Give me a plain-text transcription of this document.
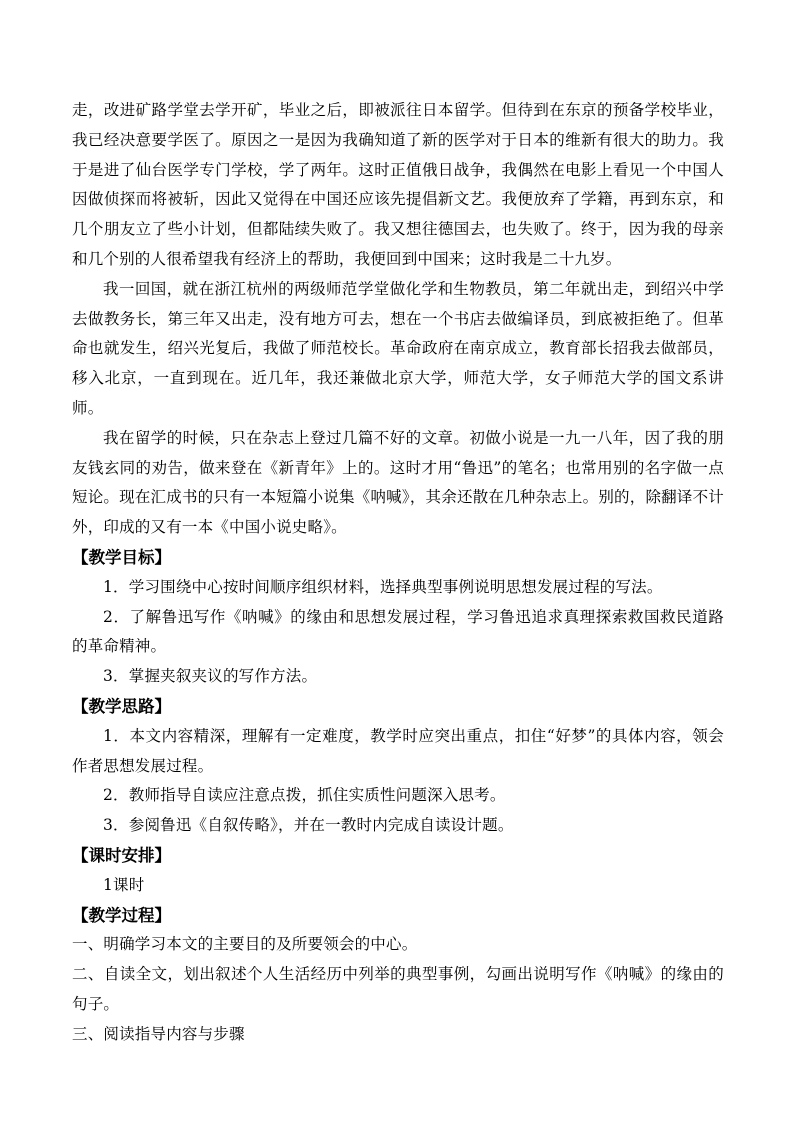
走，改进矿路学堂去学开矿，毕业之后，即被派往日本留学。但待到在东京的预备学校毕业，我已经决意要学医了。原因之一是因为我确知道了新的医学对于日本的维新有很大的助力。我于是进了仙台医学专门学校，学了两年。这时正值俄日战争，我偶然在电影上看见一个中国人因做侦探而将被斩，因此又觉得在中国还应该先提倡新文艺。我便放弃了学籍，再到东京，和几个朋友立了些小计划，但都陆续失败了。我又想往德国去，也失败了。终于，因为我的母亲和几个别的人很希望我有经济上的帮助，我便回到中国来；这时我是二十九岁。

我一回国，就在浙江杭州的两级师范学堂做化学和生物教员，第二年就出走，到绍兴中学去做教务长，第三年又出走，没有地方可去，想在一个书店去做编译员，到底被拒绝了。但革命也就发生，绍兴光复后，我做了师范校长。革命政府在南京成立，教育部长招我去做部员，移入北京，一直到现在。近几年，我还兼做北京大学，师范大学，女子师范大学的国文系讲师。

我在留学的时候，只在杂志上登过几篇不好的文章。初做小说是一九一八年，因了我的朋友钱玄同的劝告，做来登在《新青年》上的。这时才用“鲁迅”的笔名；也常用别的名字做一点短论。现在汇成书的只有一本短篇小说集《呐喊》，其余还散在几种杂志上。别的，除翻译不计外，印成的又有一本《中国小说史略》。

【教学目标】

1．学习围绕中心按时间顺序组织材料，选择典型事例说明思想发展过程的写法。

2．了解鲁迅写作《呐喊》的缘由和思想发展过程，学习鲁迅追求真理探索救国救民道路的革命精神。

3．掌握夹叙夹议的写作方法。

【教学思路】

1．本文内容精深，理解有一定难度，教学时应突出重点，扣住“好梦”的具体内容，领会作者思想发展过程。

2．教师指导自读应注意点拨，抓住实质性问题深入思考。

3．参阅鲁迅《自叙传略》，并在一教时内完成自读设计题。

【课时安排】

1课时

【教学过程】

一、明确学习本文的主要目的及所要领会的中心。

二、自读全文，划出叙述个人生活经历中列举的典型事例，勾画出说明写作《呐喊》的缘由的句子。

三、阅读指导内容与步骤
